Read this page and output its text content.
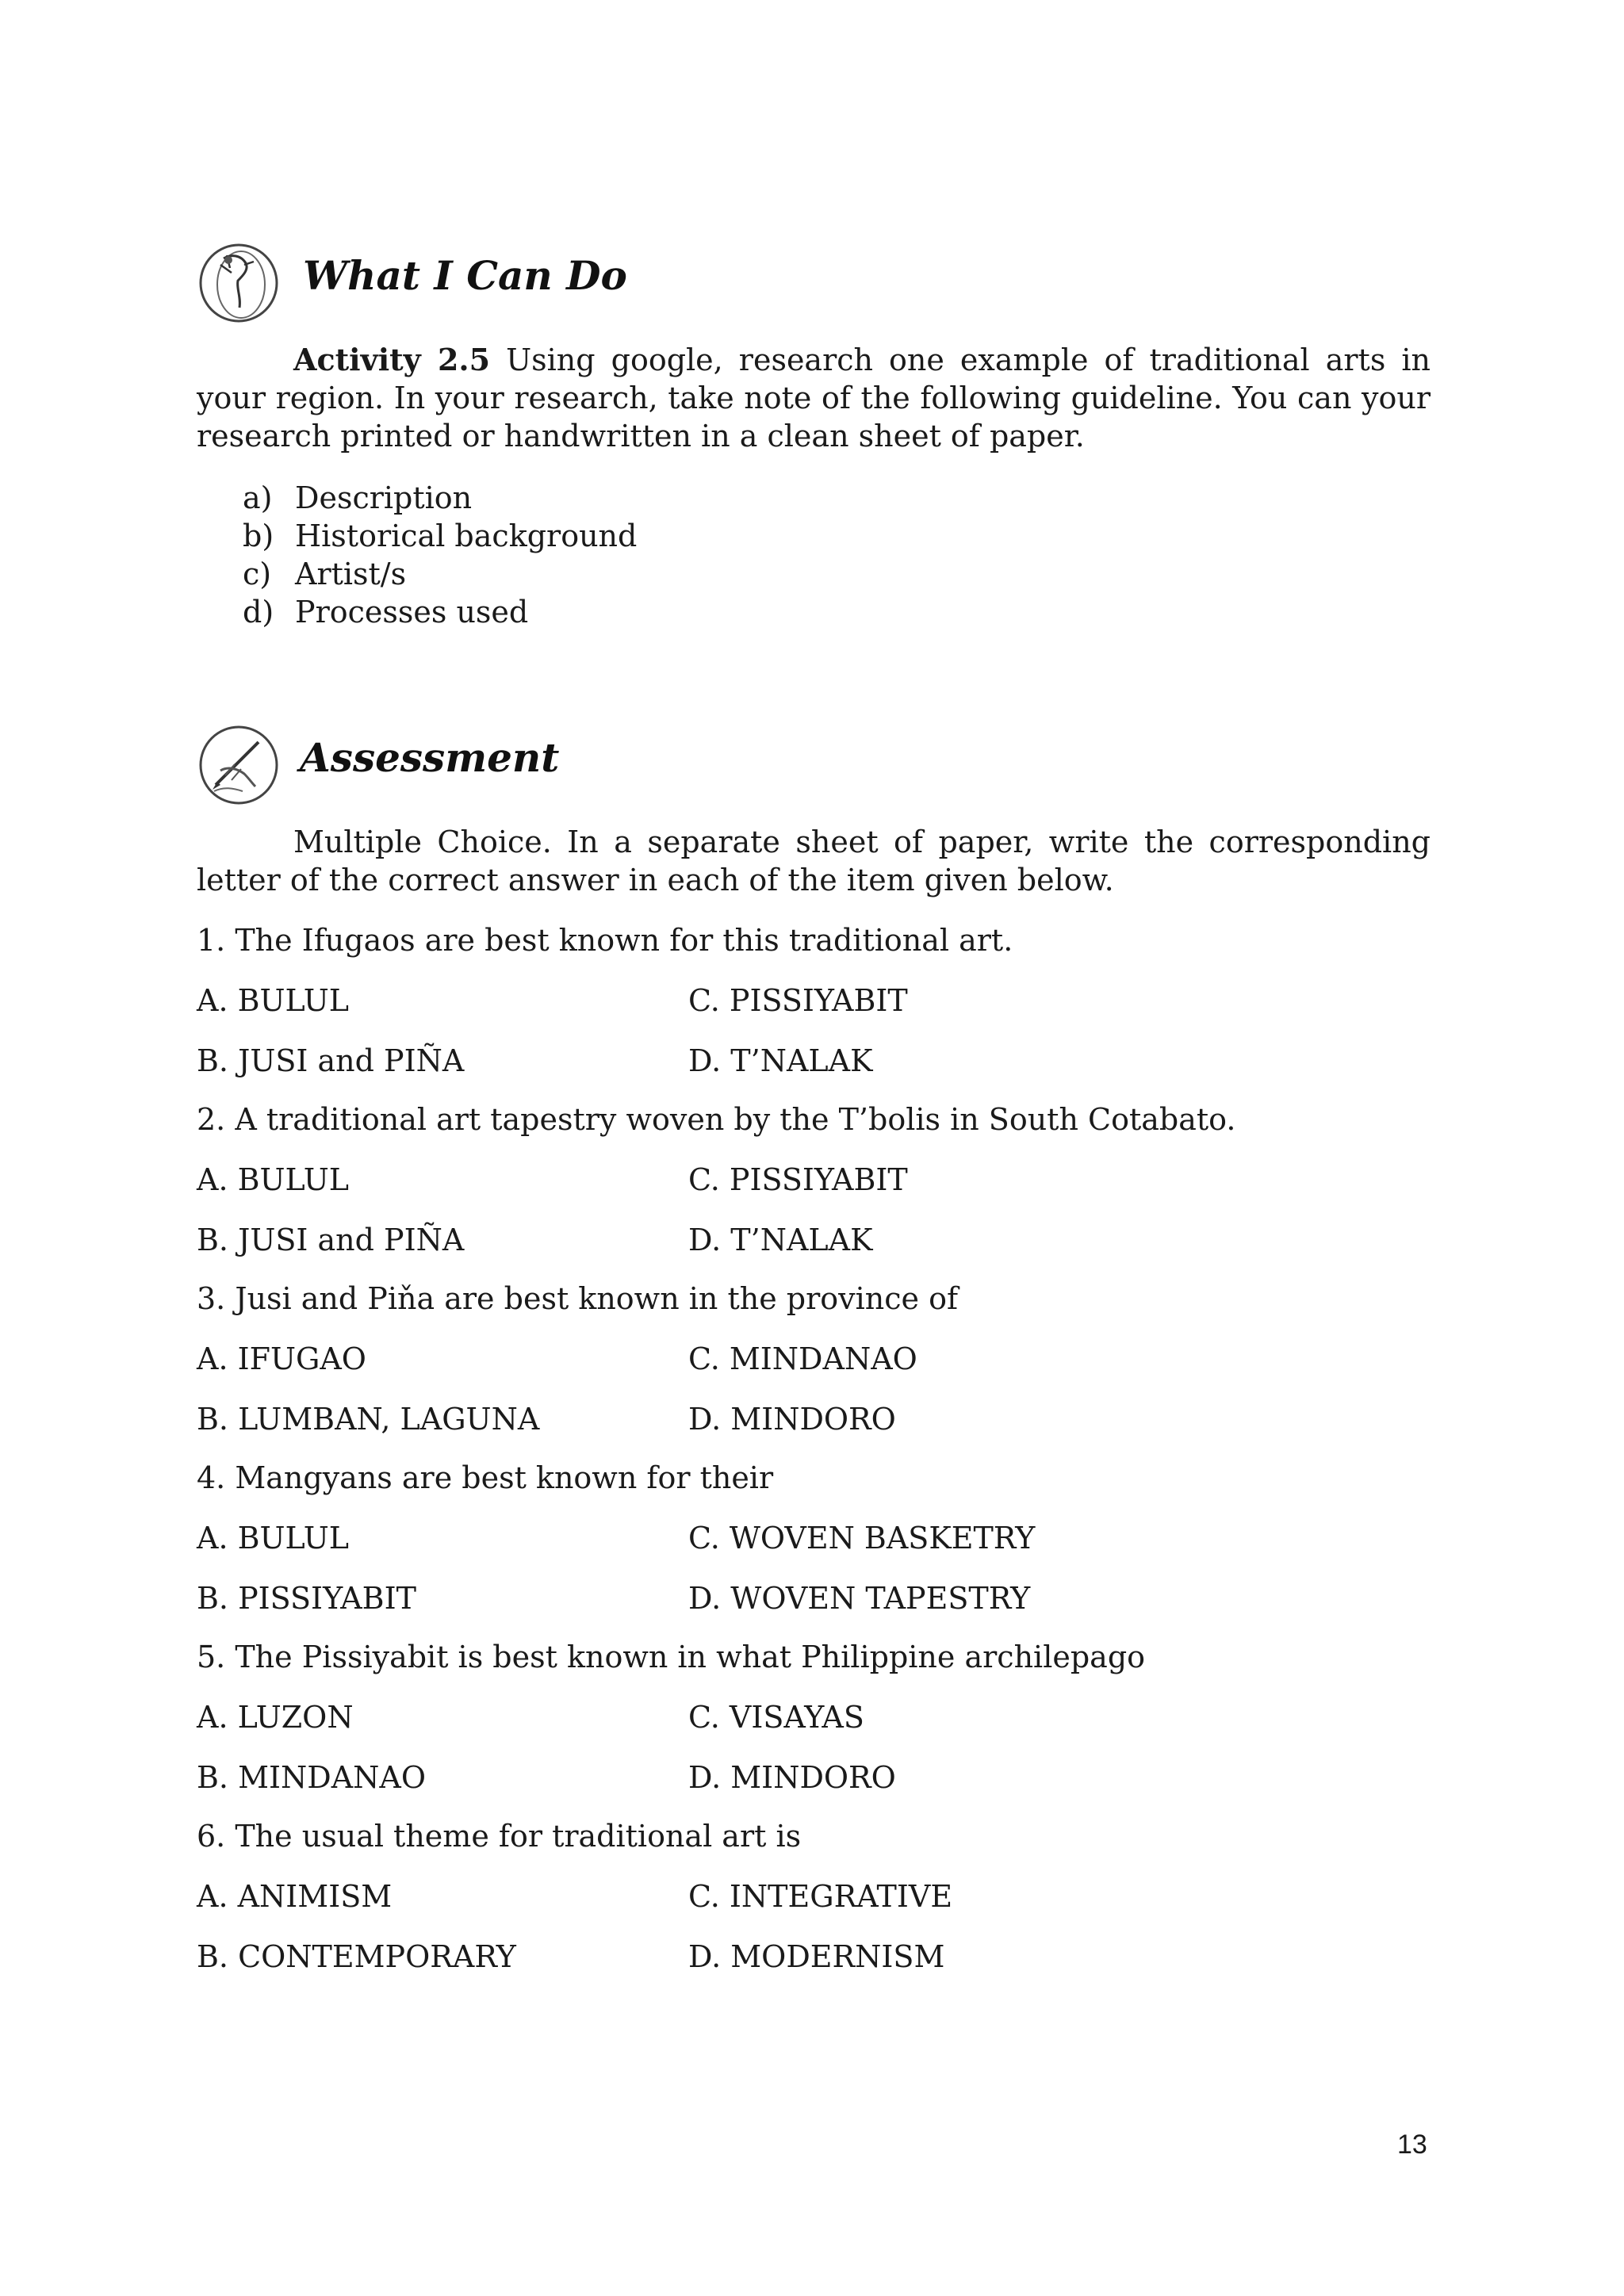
What I Can Do
Activity 2.5 Using google, research one example of traditional arts in your region. In your research, take note of the following guideline. You can your research printed or handwritten in a clean sheet of paper.
a) Description
b) Historical background
c) Artist/s
d) Processes used
Assessment
Multiple Choice. In a separate sheet of paper, write the corresponding letter of the correct answer in each of the item given below.
1. The Ifugaos are best known for this traditional art.
A. BULUL	C. PISSIYABIT
B. JUSI and PIÑA	D. T’NALAK
2. A traditional art tapestry woven by the T’bolis in South Cotabato.
A. BULUL	C. PISSIYABIT
B. JUSI and PIÑA	D. T’NALAK
3. Jusi and Piňa are best known in the province of
A. IFUGAO	C. MINDANAO
B. LUMBAN, LAGUNA	D. MINDORO
4. Mangyans are best known for their
A. BULUL	C. WOVEN BASKETRY
B. PISSIYABIT	D. WOVEN TAPESTRY
5. The Pissiyabit is best known in what Philippine archilepago
A. LUZON	C. VISAYAS
B. MINDANAO	D. MINDORO
6. The usual theme for traditional art is
A. ANIMISM	C. INTEGRATIVE
B. CONTEMPORARY	D. MODERNISM
13
